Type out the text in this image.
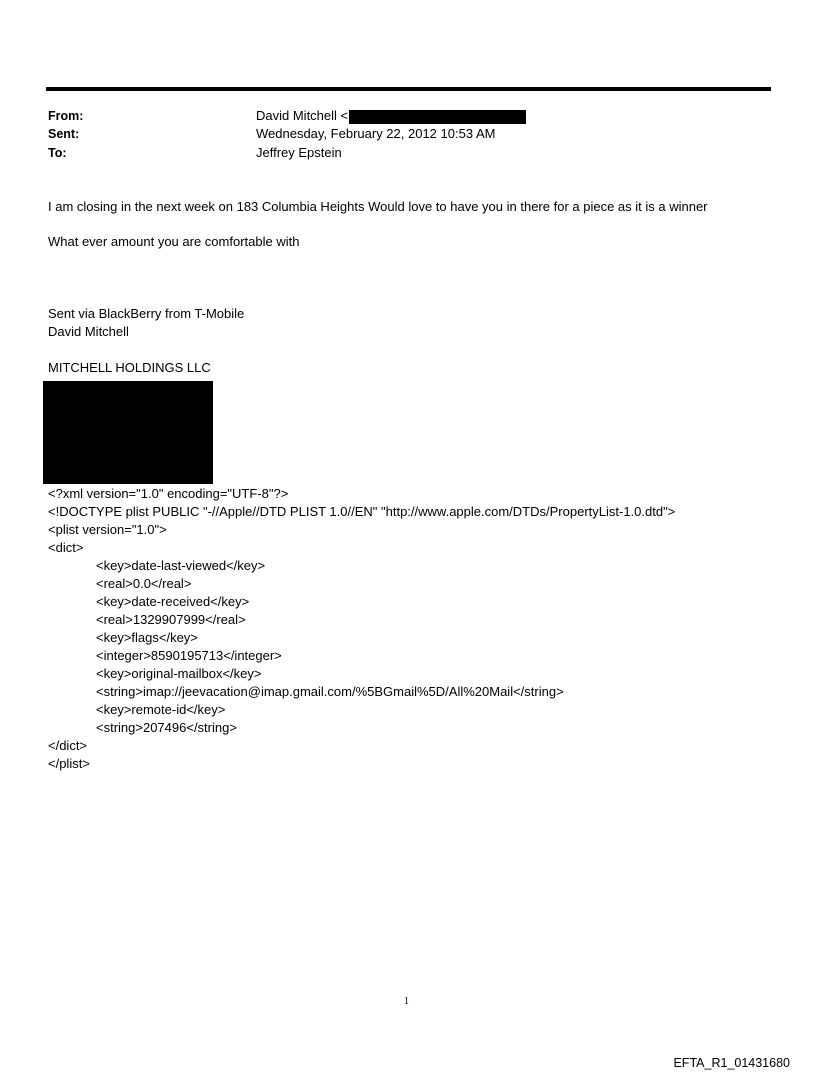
From:	David Mitchell <
Sent:	Wednesday, February 22, 2012 10:53 AM
To:	Jeffrey Epstein
I am closing in the next week on 183 Columbia Heights Would love to have you in there for a piece as it is a winner
What ever amount you are comfortable with
Sent via BlackBerry from T-Mobile
David Mitchell
MITCHELL HOLDINGS LLC
<?xml version="1.0" encoding="UTF-8"?>
<!DOCTYPE plist PUBLIC "-//Apple//DTD PLIST 1.0//EN" "http://www.apple.com/DTDs/PropertyList-1.0.dtd">
<plist version="1.0">
<dict>
<key>date-last-viewed</key>
<real>0.0</real>
<key>date-received</key>
<real>1329907999</real>
<key>flags</key>
<integer>8590195713</integer>
<key>original-mailbox</key>
<string>imap://jeevacation@imap.gmail.com/%5BGmail%5D/All%20Mail</string>
<key>remote-id</key>
<string>207496</string>
</dict>
</plist>
1
EFTA_R1_01431680
